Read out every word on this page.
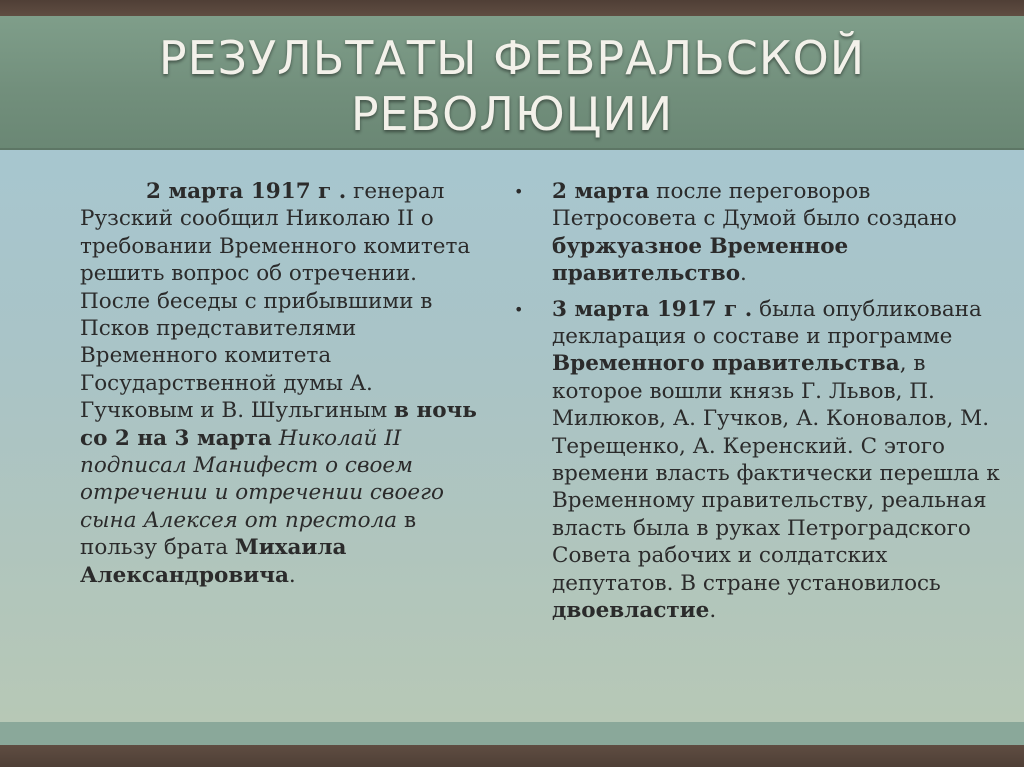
РЕЗУЛЬТАТЫ ФЕВРАЛЬСКОЙ
РЕВОЛЮЦИИ
​

2 марта 1917 г . генерал Рузский сообщил Николаю II о требовании Временного комитета решить вопрос об отречении. После беседы с прибывшими в Псков представителями Временного комитета Государственной думы А. Гучковым и В. Шульгиным в ночь со 2 на 3 марта Николай II подписал Манифест о своем отречении и отречении своего сына Алексея от престола в пользу брата Михаила Александровича.

•	2 марта после переговоров Петросовета с Думой было создано буржуазное Временное правительство.
•	3 марта 1917 г . была опубликована декларация о составе и программе Временного правительства, в которое вошли князь Г. Львов, П. Милюков, А. Гучков, А. Коновалов, М. Терещенко, А. Керенский. С этого времени власть фактически перешла к Временному правительству, реальная власть была в руках Петроградского Совета рабочих и солдатских депутатов. В стране установилось двоевластие.
